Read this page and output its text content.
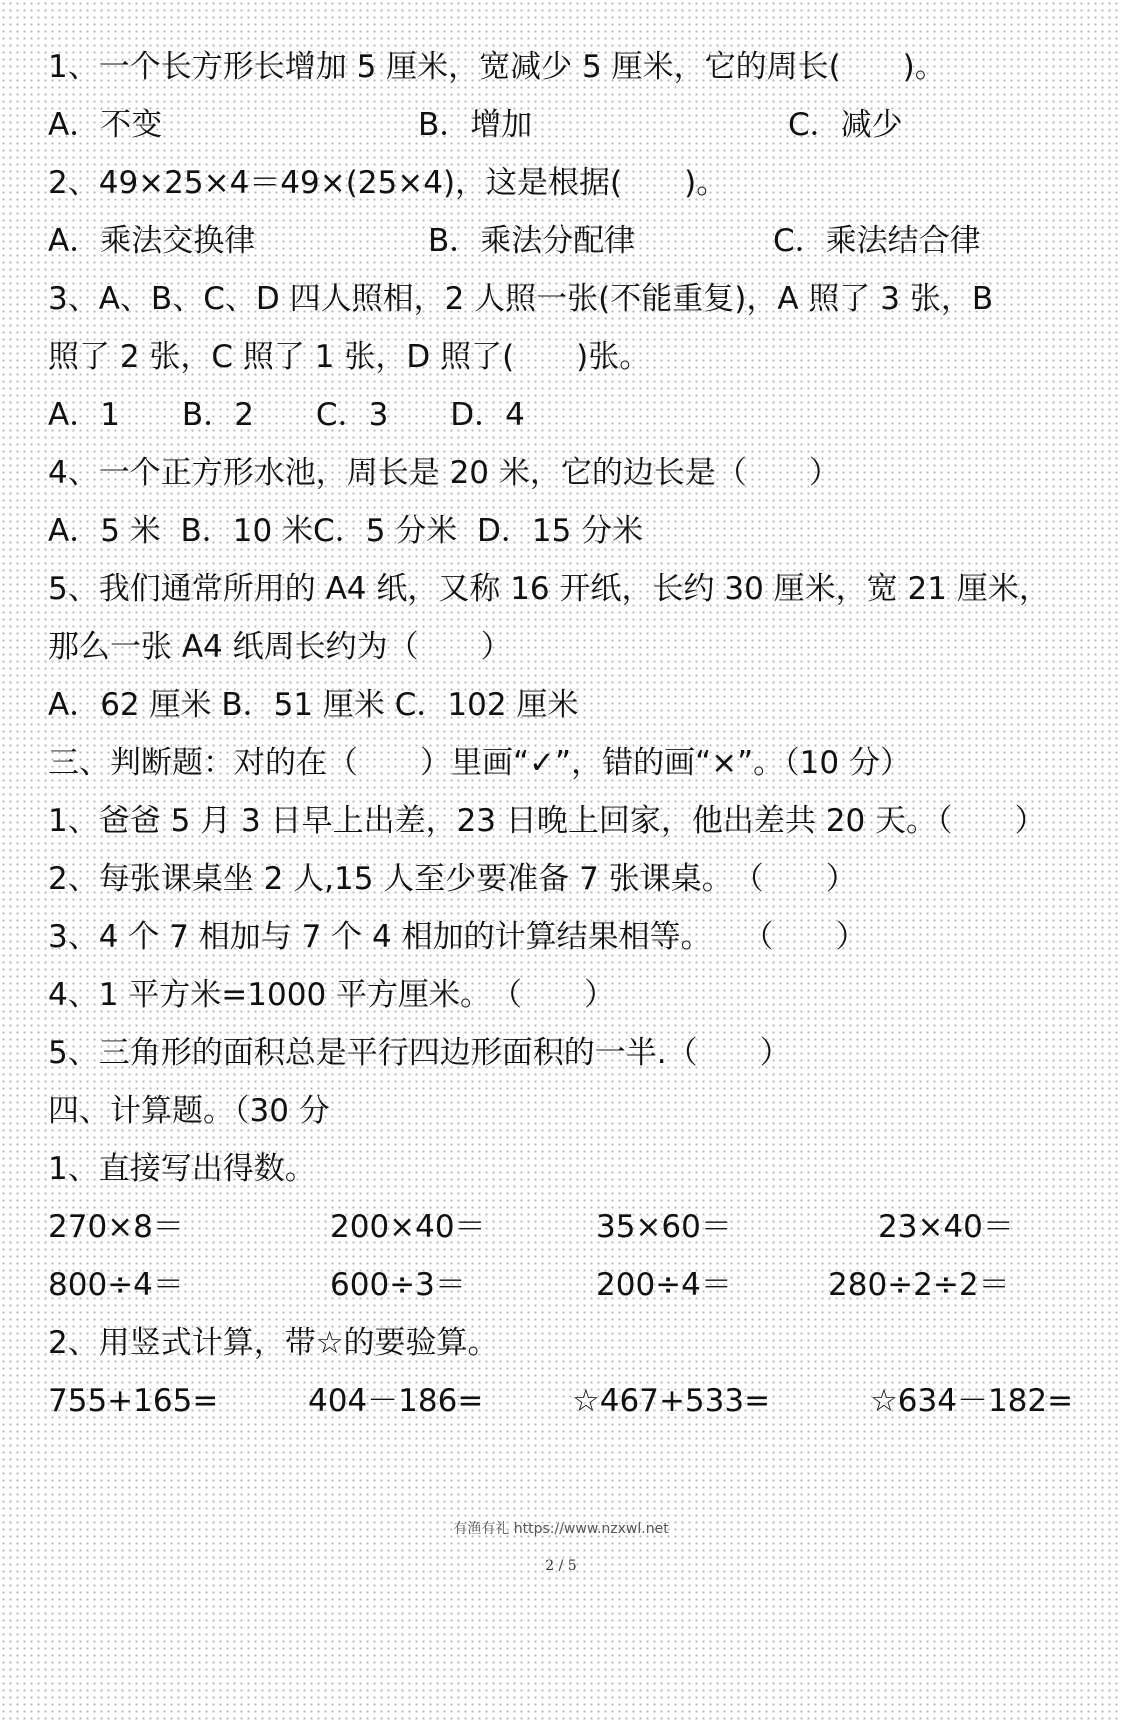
1、一个长方形长增加 5 厘米，宽减少 5 厘米，它的周长(　　)。

A．不变

	B．增加

	C．减少

2、49×25×4＝49×(25×4)，这是根据(　　)。

A．乘法交换律

	B．乘法分配律

	C．乘法结合律

3、A、B、C、D 四人照相，2 人照一张(不能重复)，A 照了 3 张，B
照了 2 张，C 照了 1 张，D 照了(　　)张。
A．1　　B．2　　C．3　　D．4
4、一个正方形水池，周长是 20 米，它的边长是（　　）
A．5 米  B．10 米C．5 分米  D．15 分米
5、我们通常所用的 A4 纸，又称 16 开纸，长约 30 厘米，宽 21 厘米，
那么一张 A4 纸周长约为（　　）
A．62 厘米 B．51 厘米 C．102 厘米
三、判断题：对的在（　　）里画“✓”，错的画“×”。（10 分）
1、爸爸 5 月 3 日早上出差，23 日晚上回家，他出差共 20 天。（　　）
2、每张课桌坐 2 人,15 人至少要准备 7 张课桌。　（　　）
3、4 个 7 相加与 7 个 4 相加的计算结果相等。　　（　　）
4、1 平方米=1000 平方厘米。　（　　）
5、三角形的面积总是平行四边形面积的一半.（　　）
四、计算题。（30 分
1、直接写出得数。

270×8＝

	200×40＝

	35×60＝

	23×40＝

800÷4＝

	600÷3＝

	200÷4＝

	280÷2÷2＝

2、用竖式计算，带☆的要验算。

755+165=

	404－186=

	☆467+533=

	☆634－182=

有渔有礼 https://www.nzxwl.net
2 / 5
